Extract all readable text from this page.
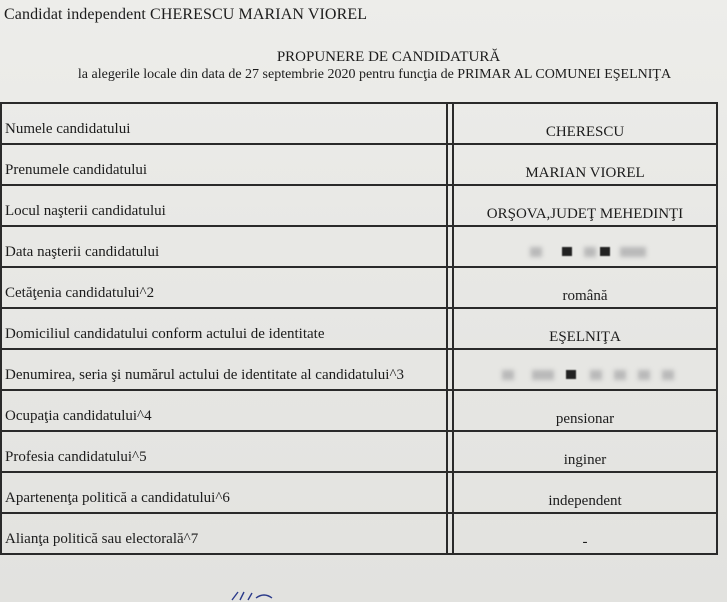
Candidat independent CHERESCU MARIAN VIOREL
PROPUNERE DE CANDIDATURĂ
la alegerile locale din data de 27 septembrie 2020 pentru funcţia de PRIMAR AL COMUNEI EŞELNIŢA
Numele candidatului		CHERESCU

Prenumele candidatului		MARIAN VIOREL

Locul naşterii candidatului		ORŞOVA,JUDEŢ MEHEDINŢI

Data naşterii candidatului		

Cetăţenia candidatului^2		română

Domiciliul candidatului conform actului de identitate		EŞELNIŢA

Denumirea, seria şi numărul actului de identitate al candidatului^3		

Ocupaţia candidatului^4		pensionar

Profesia candidatului^5		inginer

Apartenenţa politică a candidatului^6		independent

Alianţa politică sau electorală^7		-
